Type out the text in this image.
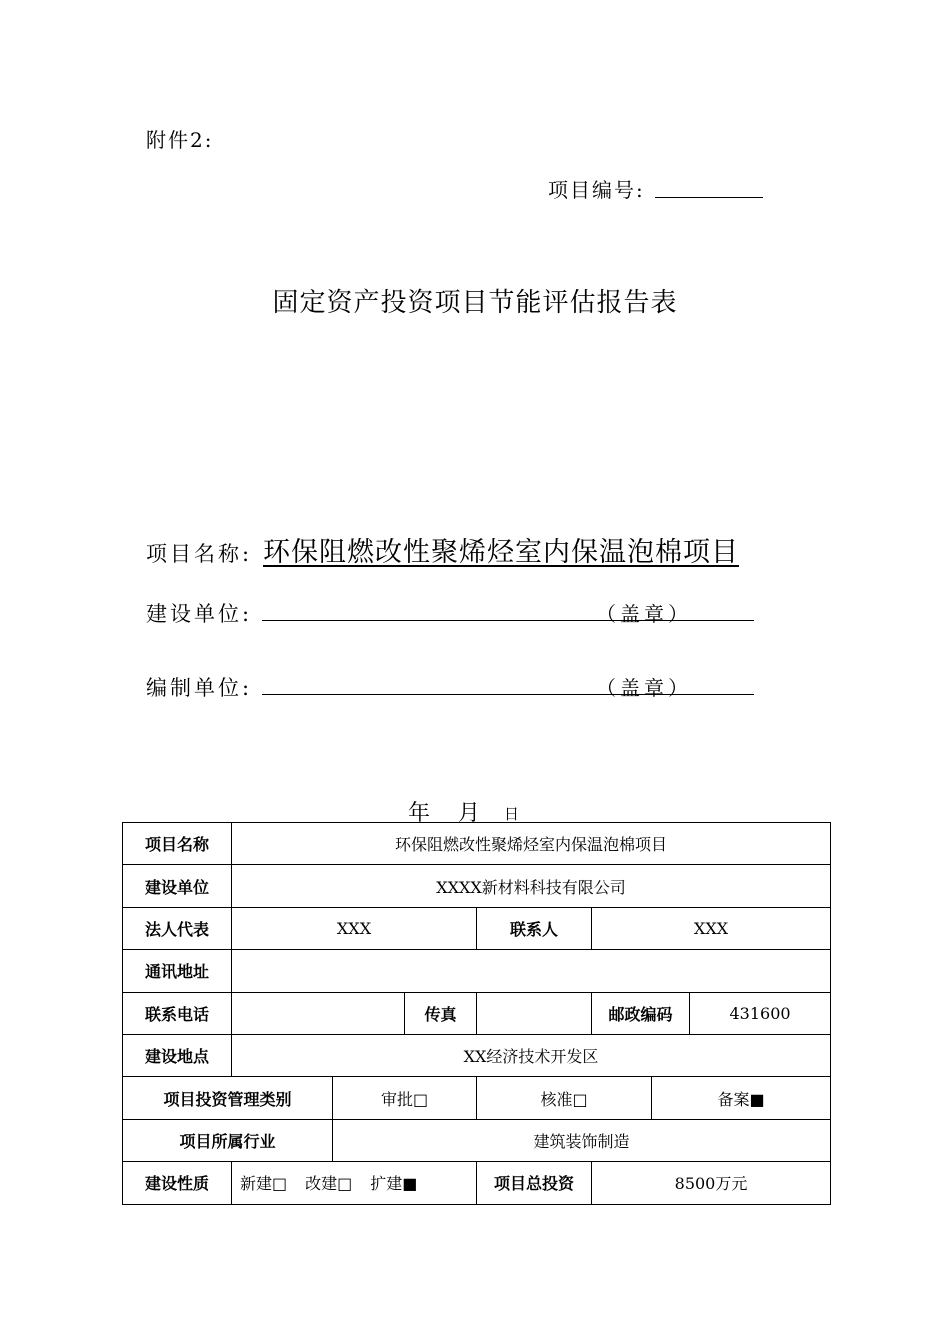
附件2:
项目编号:
固定资产投资项目节能评估报告表
项目名称: 环保阻燃改性聚烯烃室内保温泡棉项目
建设单位:	（盖章）
编制单位:	（盖章）
年 月 日
项目名称	环保阻燃改性聚烯烃室内保温泡棉项目						
建设单位	XXXX新材料科技有限公司						
法人代表	XXX			联系人	XXX		
通讯地址							
联系电话			传真		邮政编码		431600
建设地点	XX经济技术开发区						
项目投资管理类别		审批□		核准□		备案■	
项目所属行业		建筑装饰制造					
建设性质	新建□ 改建□ 扩建■			项目总投资	8500万元		
